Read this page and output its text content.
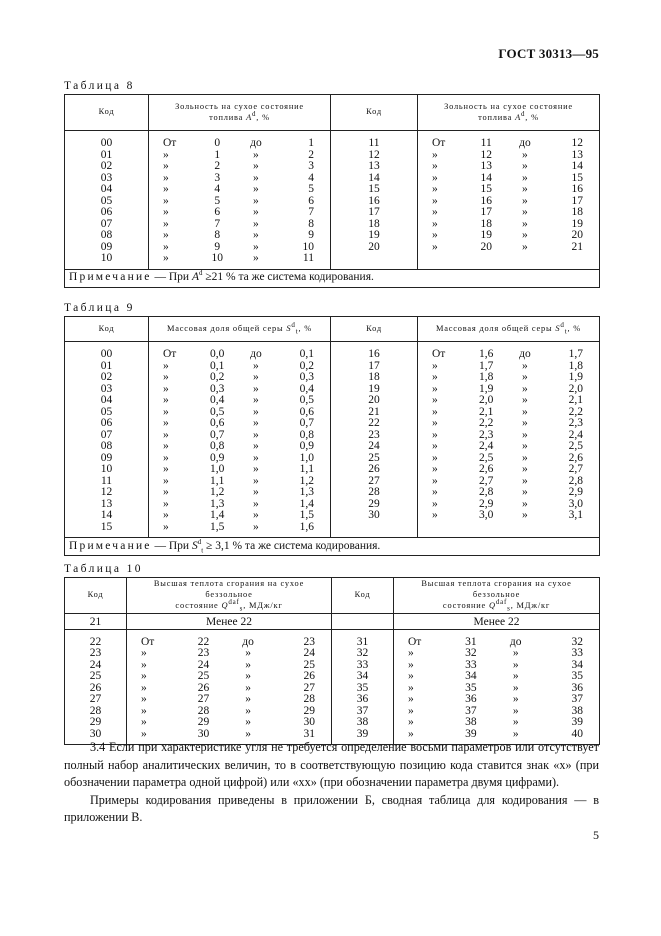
ГОСТ 30313—95
Таблица 8
Код	Зольность на сухое состояние
топлива $A^d$, %	Код	Зольность на сухое состояние
топлива $A^d$, %
00	От 0 до 1	11	От 11 до 12

01	» 1 » 2	12	» 12 » 13

02	» 2 » 3	13	» 13 » 14

03	» 3 » 4	14	» 14 » 15

04	» 4 » 5	15	» 15 » 16

05	» 5 » 6	16	» 16 » 17

06	» 6 » 7	17	» 17 » 18

07	» 7 » 8	18	» 18 » 19

08	» 8 » 9	19	» 19 » 20

09	» 9 » 10	20	» 20 » 21

10	» 10 » 11		

Примечание — При $A^d \ge 21$ % та же система кодирования.			
Таблица 9
Код	Массовая доля общей серы $S^d_t$, %	Код	Массовая доля общей серы $S^d_t$, %
00	От 0,0 до 0,1	16	От 1,6 до 1,7

01	» 0,1 » 0,2	17	» 1,7 » 1,8

02	» 0,2 » 0,3	18	» 1,8 » 1,9

03	» 0,3 » 0,4	19	» 1,9 » 2,0

04	» 0,4 » 0,5	20	» 2,0 » 2,1

05	» 0,5 » 0,6	21	» 2,1 » 2,2

06	» 0,6 » 0,7	22	» 2,2 » 2,3

07	» 0,7 » 0,8	23	» 2,3 » 2,4

08	» 0,8 » 0,9	24	» 2,4 » 2,5

09	» 0,9 » 1,0	25	» 2,5 » 2,6

10	» 1,0 » 1,1	26	» 2,6 » 2,7

11	» 1,1 » 1,2	27	» 2,7 » 2,8

12	» 1,2 » 1,3	28	» 2,8 » 2,9

13	» 1,3 » 1,4	29	» 2,9 » 3,0

14	» 1,4 » 1,5	30	» 3,0 » 3,1

15	» 1,5 » 1,6		

Примечание — При $S^d_t \ge 3,1$ % та же система кодирования.			
Таблица 10
Код	Высшая теплота сгорания на сухое беззольное
состояние $Q^{daf}_s$, МДж/кг	Код	Высшая теплота сгорания на сухое беззольное
состояние $Q^{daf}_s$, МДж/кг
21	Менее 22		Менее 22
22	От 22 до 23	31	От 31 до 32

23	» 23 » 24	32	» 32 » 33

24	» 24 » 25	33	» 33 » 34

25	» 25 » 26	34	» 34 » 35

26	» 26 » 27	35	» 35 » 36

27	» 27 » 28	36	» 36 » 37

28	» 28 » 29	37	» 37 » 38

29	» 29 » 30	38	» 38 » 39

30	» 30 » 31	39	» 39 » 40

3.4 Если при характеристике угля не требуется определение восьми параметров или отсутствует полный набор аналитических величин, то в соответствующую позицию кода ставится знак «х» (при обозначении параметра одной цифрой) или «хх» (при обозначении параметра двумя цифрами).

Примеры кодирования приведены в приложении Б, сводная таблица для кодирования — в приложении В.

5
